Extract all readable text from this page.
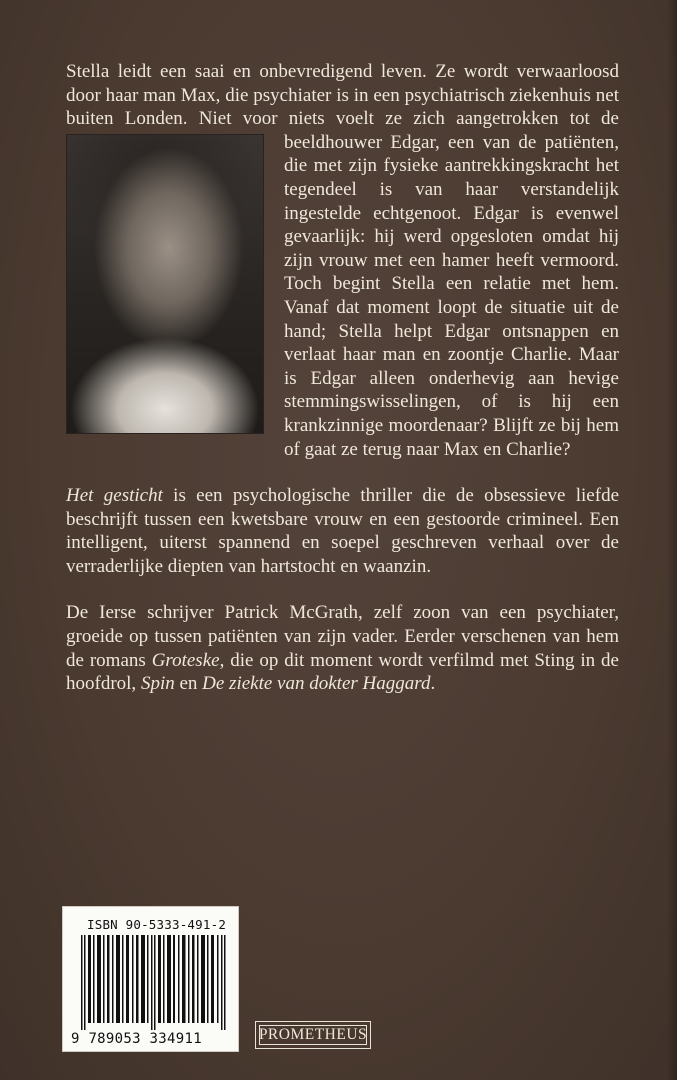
Stella leidt een saai en onbevredigend leven. Ze wordt verwaarloosd door haar man Max, die psychiater is in een psychiatrisch ziekenhuis net buiten Londen. Niet voor niets voelt ze zich aangetrokken tot de beeldhouwer Edgar, een van de patiënten, die met zijn fysieke aantrekkingskracht het tegendeel is van haar verstandelijk ingestelde echtgenoot. Edgar is evenwel gevaarlijk: hij werd opgesloten omdat hij zijn vrouw met een hamer heeft vermoord. Toch begint Stella een relatie met hem. Vanaf dat moment loopt de situatie uit de hand; Stella helpt Edgar ontsnappen en verlaat haar man en zoontje Charlie. Maar is Edgar alleen onderhevig aan hevige stemmingswisselingen, of is hij een krankzinnige moordenaar? Blijft ze bij hem of gaat ze terug naar Max en Charlie?

Het gesticht is een psychologische thriller die de obsessieve liefde beschrijft tussen een kwetsbare vrouw en een gestoorde crimineel. Een intelligent, uiterst spannend en soepel geschreven verhaal over de verraderlijke diepten van hartstocht en waanzin.

De Ierse schrijver Patrick McGrath, zelf zoon van een psychiater, groeide op tussen patiënten van zijn vader. Eerder verschenen van hem de romans Groteske, die op dit moment wordt verfilmd met Sting in de hoofdrol, Spin en De ziekte van dokter Haggard.

ISBN 90-5333-491-2
9 789053 334911	PROMETHEUS
